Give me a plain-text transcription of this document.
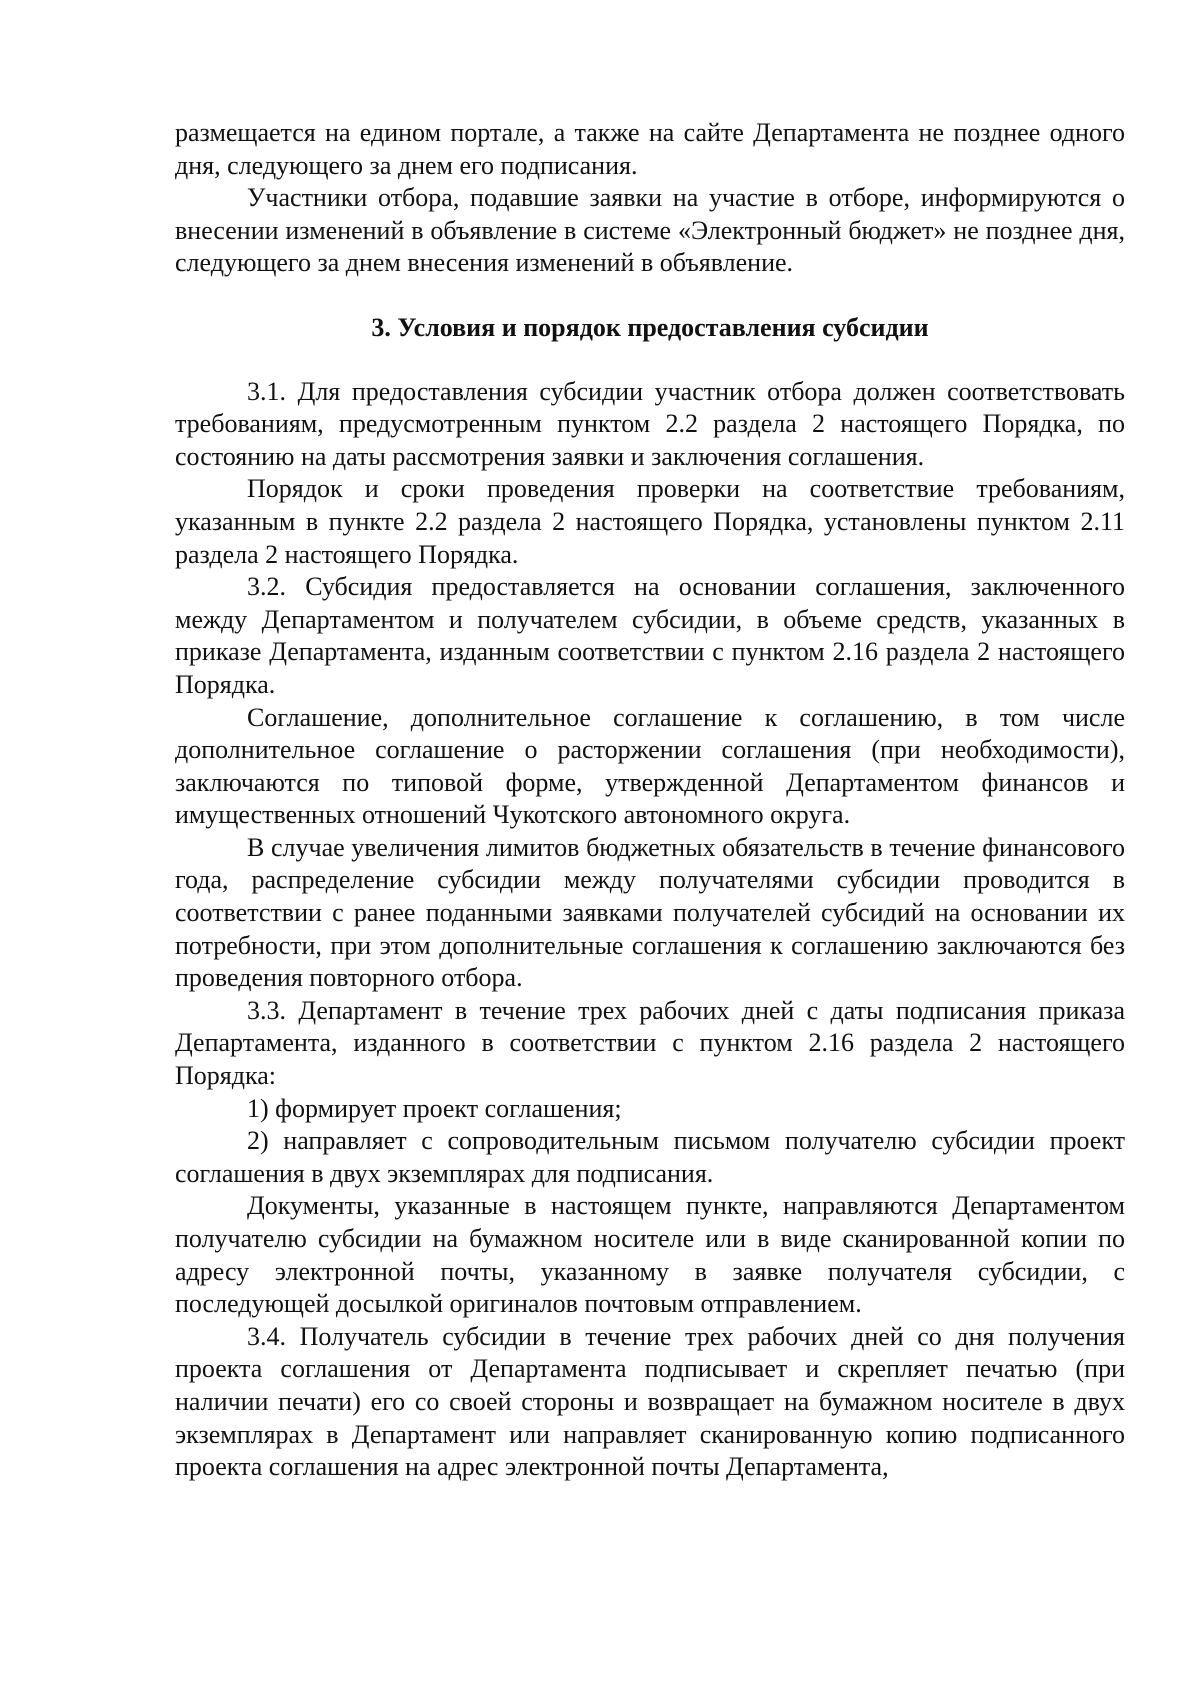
размещается на едином портале, а также на сайте Департамента не позднее одного дня, следующего за днем его подписания.

Участники отбора, подавшие заявки на участие в отборе, информируются о внесении изменений в объявление в системе «Электронный бюджет» не позднее дня, следующего за днем внесения изменений в объявление.

3. Условия и порядок предоставления субсидии

3.1. Для предоставления субсидии участник отбора должен соответствовать требованиям, предусмотренным пунктом 2.2 раздела 2 настоящего Порядка, по состоянию на даты рассмотрения заявки и заключения соглашения.

Порядок и сроки проведения проверки на соответствие требованиям, указанным в пункте 2.2 раздела 2 настоящего Порядка, установлены пунктом 2.11 раздела 2 настоящего Порядка.

3.2. Субсидия предоставляется на основании соглашения, заключенного между Департаментом и получателем субсидии, в объеме средств, указанных в приказе Департамента, изданным соответствии с пунктом 2.16 раздела 2 настоящего Порядка.

Соглашение, дополнительное соглашение к соглашению, в том числе дополнительное соглашение о расторжении соглашения (при необходимости), заключаются по типовой форме, утвержденной Департаментом финансов и имущественных отношений Чукотского автономного округа.

В случае увеличения лимитов бюджетных обязательств в течение финансового года, распределение субсидии между получателями субсидии проводится в соответствии с ранее поданными заявками получателей субсидий на основании их потребности, при этом дополнительные соглашения к соглашению заключаются без проведения повторного отбора.

3.3. Департамент в течение трех рабочих дней с даты подписания приказа Департамента, изданного в соответствии с пунктом 2.16 раздела 2 настоящего Порядка:

1) формирует проект соглашения;

2) направляет с сопроводительным письмом получателю субсидии проект соглашения в двух экземплярах для подписания.

Документы, указанные в настоящем пункте, направляются Департаментом получателю субсидии на бумажном носителе или в виде сканированной копии по адресу электронной почты, указанному в заявке получателя субсидии, с последующей досылкой оригиналов почтовым отправлением.

3.4. Получатель субсидии в течение трех рабочих дней со дня получения проекта соглашения от Департамента подписывает и скрепляет печатью (при наличии печати) его со своей стороны и возвращает на бумажном носителе в двух экземплярах в Департамент или направляет сканированную копию подписанного проекта соглашения на адрес электронной почты Департамента,
